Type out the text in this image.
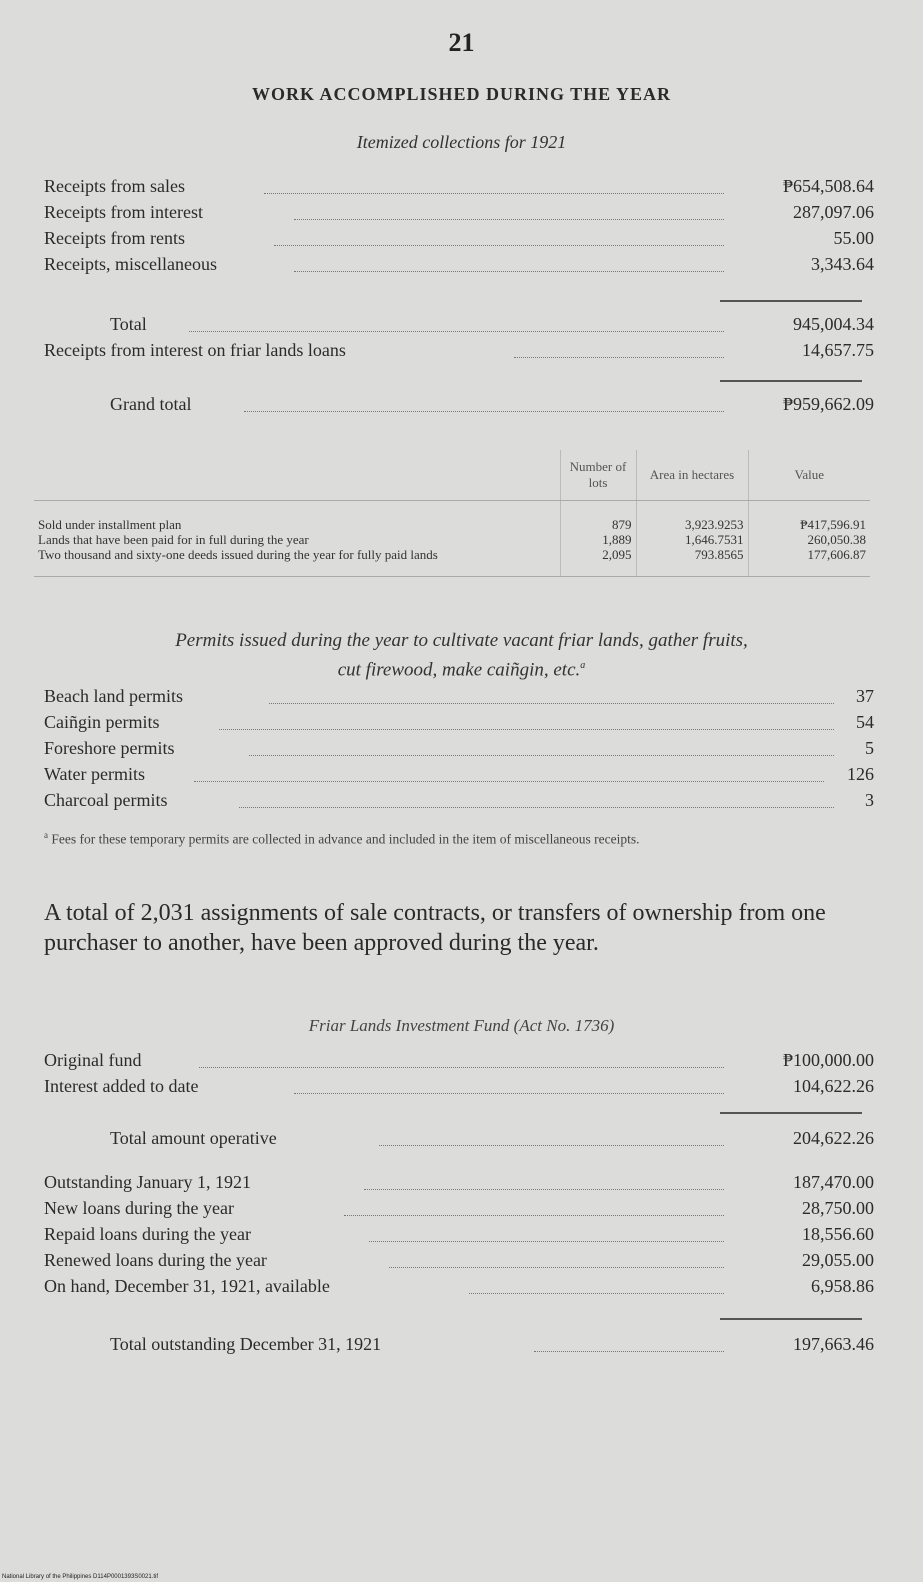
21
WORK ACCOMPLISHED DURING THE YEAR
Itemized collections for 1921
Receipts from sales	₱654,508.64
Receipts from interest	287,097.06
Receipts from rents	55.00
Receipts, miscellaneous	3,343.64
Total	945,004.34
Receipts from interest on friar lands loans	14,657.75
Grand total	₱959,662.09
	Number of lots	Area in hectares	Value
Sold under installment plan	879	3,923.9253	₱417,596.91
Lands that have been paid for in full during the year	1,889	1,646.7531	260,050.38
Two thousand and sixty-one deeds issued during the year for fully paid lands	2,095	793.8565	177,606.87
Permits issued during the year to cultivate vacant friar lands, gather fruits,
cut firewood, make caiñgin, etc.$^a$
Beach land permits	37
Caiñgin permits	54
Foreshore permits	5
Water permits	126
Charcoal permits	3
$^a$ Fees for these temporary permits are collected in advance and included in the item of miscellaneous receipts.
A total of 2,031 assignments of sale contracts, or transfers of ownership from one purchaser to another, have been approved during the year.
Friar Lands Investment Fund (Act No. 1736)
Original fund	₱100,000.00
Interest added to date	104,622.26
Total amount operative	204,622.26
Outstanding January 1, 1921	187,470.00
New loans during the year	28,750.00
Repaid loans during the year	18,556.60
Renewed loans during the year	29,055.00
On hand, December 31, 1921, available	6,958.86
Total outstanding December 31, 1921	197,663.46
National Library of the Philippines D114P0001393S0021.tif
